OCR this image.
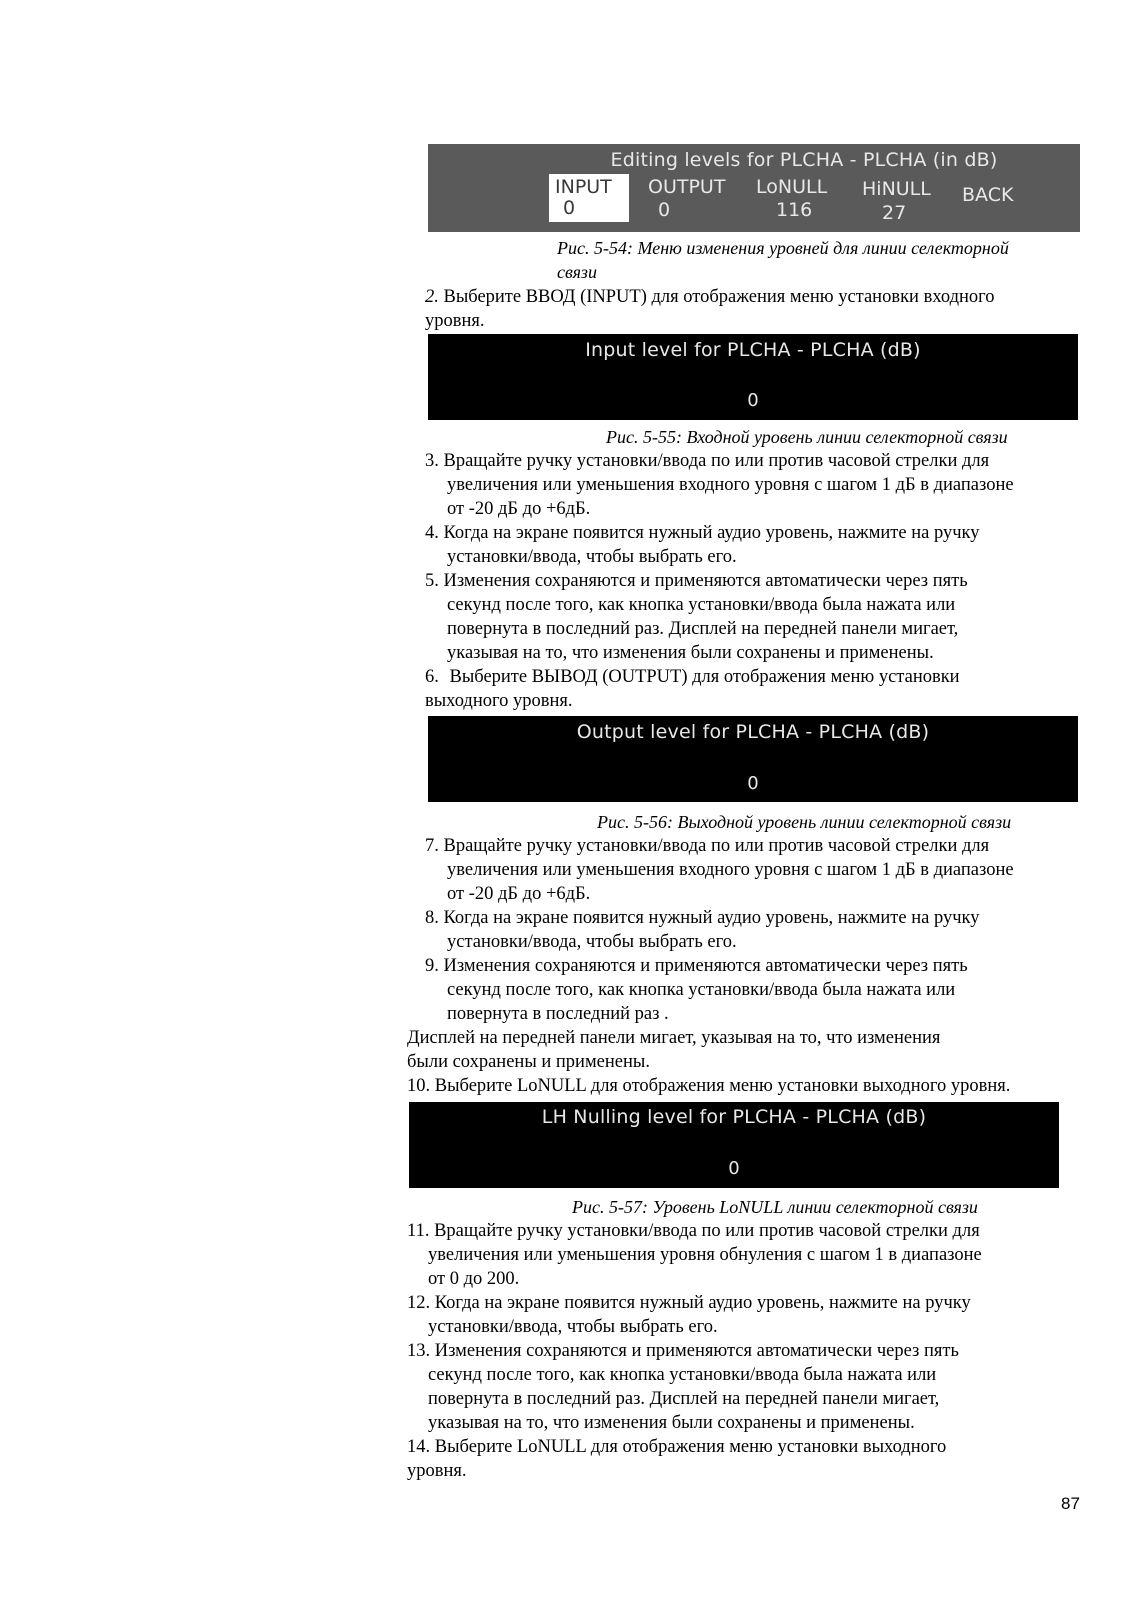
Editing levels for PLCHA - PLCHA (in dB)
INPUT
0
OUTPUT
0
LoNULL
116
HiNULL
27
BACK
Рис. 5-54: Меню изменения уровней для линии селекторной
связи
2. Выберите ВВОД (INPUT) для отображения меню установки входного
уровня.
Input level for PLCHA - PLCHA (dB)
0
Рис. 5-55: Входной уровень линии селекторной связи
3. Вращайте ручку установки/ввода по или против часовой стрелки для
увеличения или уменьшения входного уровня с шагом 1 дБ в диапазоне
от -20 дБ до +6дБ.
4. Когда на экране появится нужный аудио уровень, нажмите на ручку
установки/ввода, чтобы выбрать его.
5. Изменения сохраняются и применяются автоматически через пять
секунд после того, как кнопка установки/ввода была нажата или
повернута в последний раз. Дисплей на передней панели мигает,
указывая на то, что изменения были сохранены и применены.
6. Выберите ВЫВОД (OUTPUT) для отображения меню установки
выходного уровня.
Output level for PLCHA - PLCHA (dB)
0
Рис. 5-56: Выходной уровень линии селекторной связи
7. Вращайте ручку установки/ввода по или против часовой стрелки для
увеличения или уменьшения входного уровня с шагом 1 дБ в диапазоне
от -20 дБ до +6дБ.
8. Когда на экране появится нужный аудио уровень, нажмите на ручку
установки/ввода, чтобы выбрать его.
9. Изменения сохраняются и применяются автоматически через пять
секунд после того, как кнопка установки/ввода была нажата или
повернута в последний раз .
Дисплей на передней панели мигает, указывая на то, что изменения
были сохранены и применены.
10. Выберите LoNULL для отображения меню установки выходного уровня.
LH Nulling level for PLCHA - PLCHA (dB)
0
Рис. 5-57: Уровень LoNULL линии селекторной связи
11. Вращайте ручку установки/ввода по или против часовой стрелки для
увеличения или уменьшения уровня обнуления с шагом 1 в диапазоне
от 0 до 200.
12. Когда на экране появится нужный аудио уровень, нажмите на ручку
установки/ввода, чтобы выбрать его.
13. Изменения сохраняются и применяются автоматически через пять
секунд после того, как кнопка установки/ввода была нажата или
повернута в последний раз. Дисплей на передней панели мигает,
указывая на то, что изменения были сохранены и применены.
14. Выберите LoNULL для отображения меню установки выходного
уровня.
87
